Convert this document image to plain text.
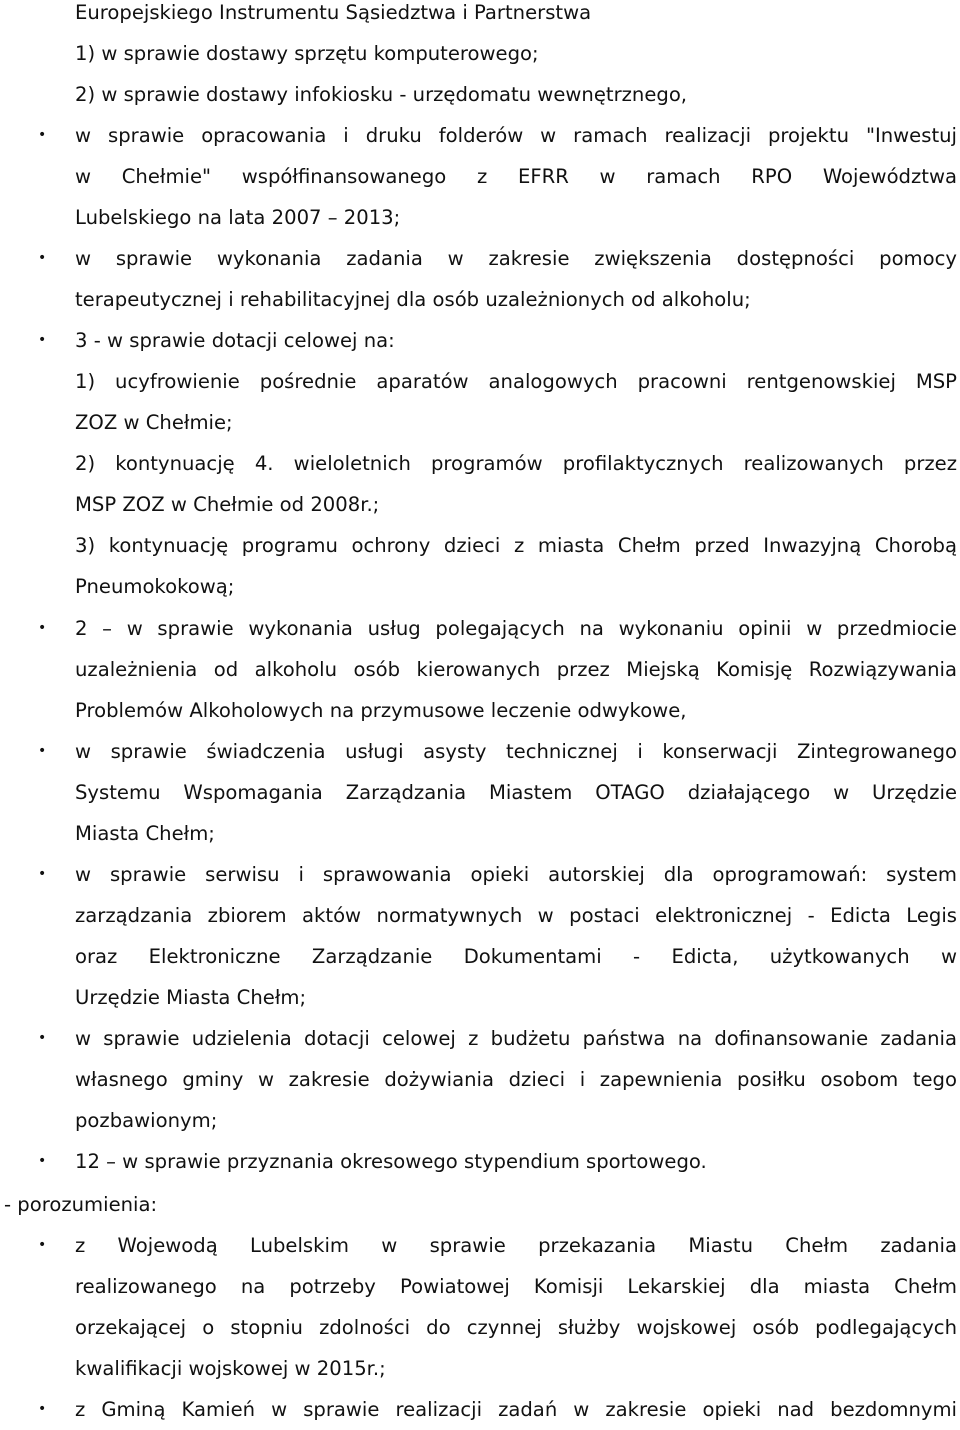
Europejskiego Instrumentu Sąsiedztwa i Partnerstwa
1) w sprawie dostawy sprzętu komputerowego;
2) w sprawie dostawy infokiosku - urzędomatu wewnętrznego,
• w sprawie opracowania i druku folderów w ramach realizacji projektu "Inwestuj
w Chełmie" współfinansowanego z EFRR w ramach RPO Województwa
Lubelskiego na lata 2007 – 2013;
• w sprawie wykonania zadania w zakresie zwiększenia dostępności pomocy
terapeutycznej i rehabilitacyjnej dla osób uzależnionych od alkoholu;
• 3 - w sprawie dotacji celowej na:
1) ucyfrowienie pośrednie aparatów analogowych pracowni rentgenowskiej MSP
ZOZ w Chełmie;
2) kontynuację 4. wieloletnich programów profilaktycznych realizowanych przez
MSP ZOZ w Chełmie od 2008r.;
3) kontynuację programu ochrony dzieci z miasta Chełm przed Inwazyjną Chorobą
Pneumokokową;
• 2 – w sprawie wykonania usług polegających na wykonaniu opinii w przedmiocie
uzależnienia od alkoholu osób kierowanych przez Miejską Komisję Rozwiązywania
Problemów Alkoholowych na przymusowe leczenie odwykowe,
• w sprawie świadczenia usługi asysty technicznej i konserwacji Zintegrowanego
Systemu Wspomagania Zarządzania Miastem OTAGO działającego w Urzędzie
Miasta Chełm;
• w sprawie serwisu i sprawowania opieki autorskiej dla oprogramowań: system
zarządzania zbiorem aktów normatywnych w postaci elektronicznej - Edicta Legis
oraz Elektroniczne Zarządzanie Dokumentami - Edicta, użytkowanych w
Urzędzie Miasta Chełm;
• w sprawie udzielenia dotacji celowej z budżetu państwa na dofinansowanie zadania
własnego gminy w zakresie dożywiania dzieci i zapewnienia posiłku osobom tego
pozbawionym;
• 12 – w sprawie przyznania okresowego stypendium sportowego.
- porozumienia:
• z Wojewodą Lubelskim w sprawie przekazania Miastu Chełm zadania
realizowanego na potrzeby Powiatowej Komisji Lekarskiej dla miasta Chełm
orzekającej o stopniu zdolności do czynnej służby wojskowej osób podlegających
kwalifikacji wojskowej w 2015r.;
• z Gminą Kamień w sprawie realizacji zadań w zakresie opieki nad bezdomnymi
